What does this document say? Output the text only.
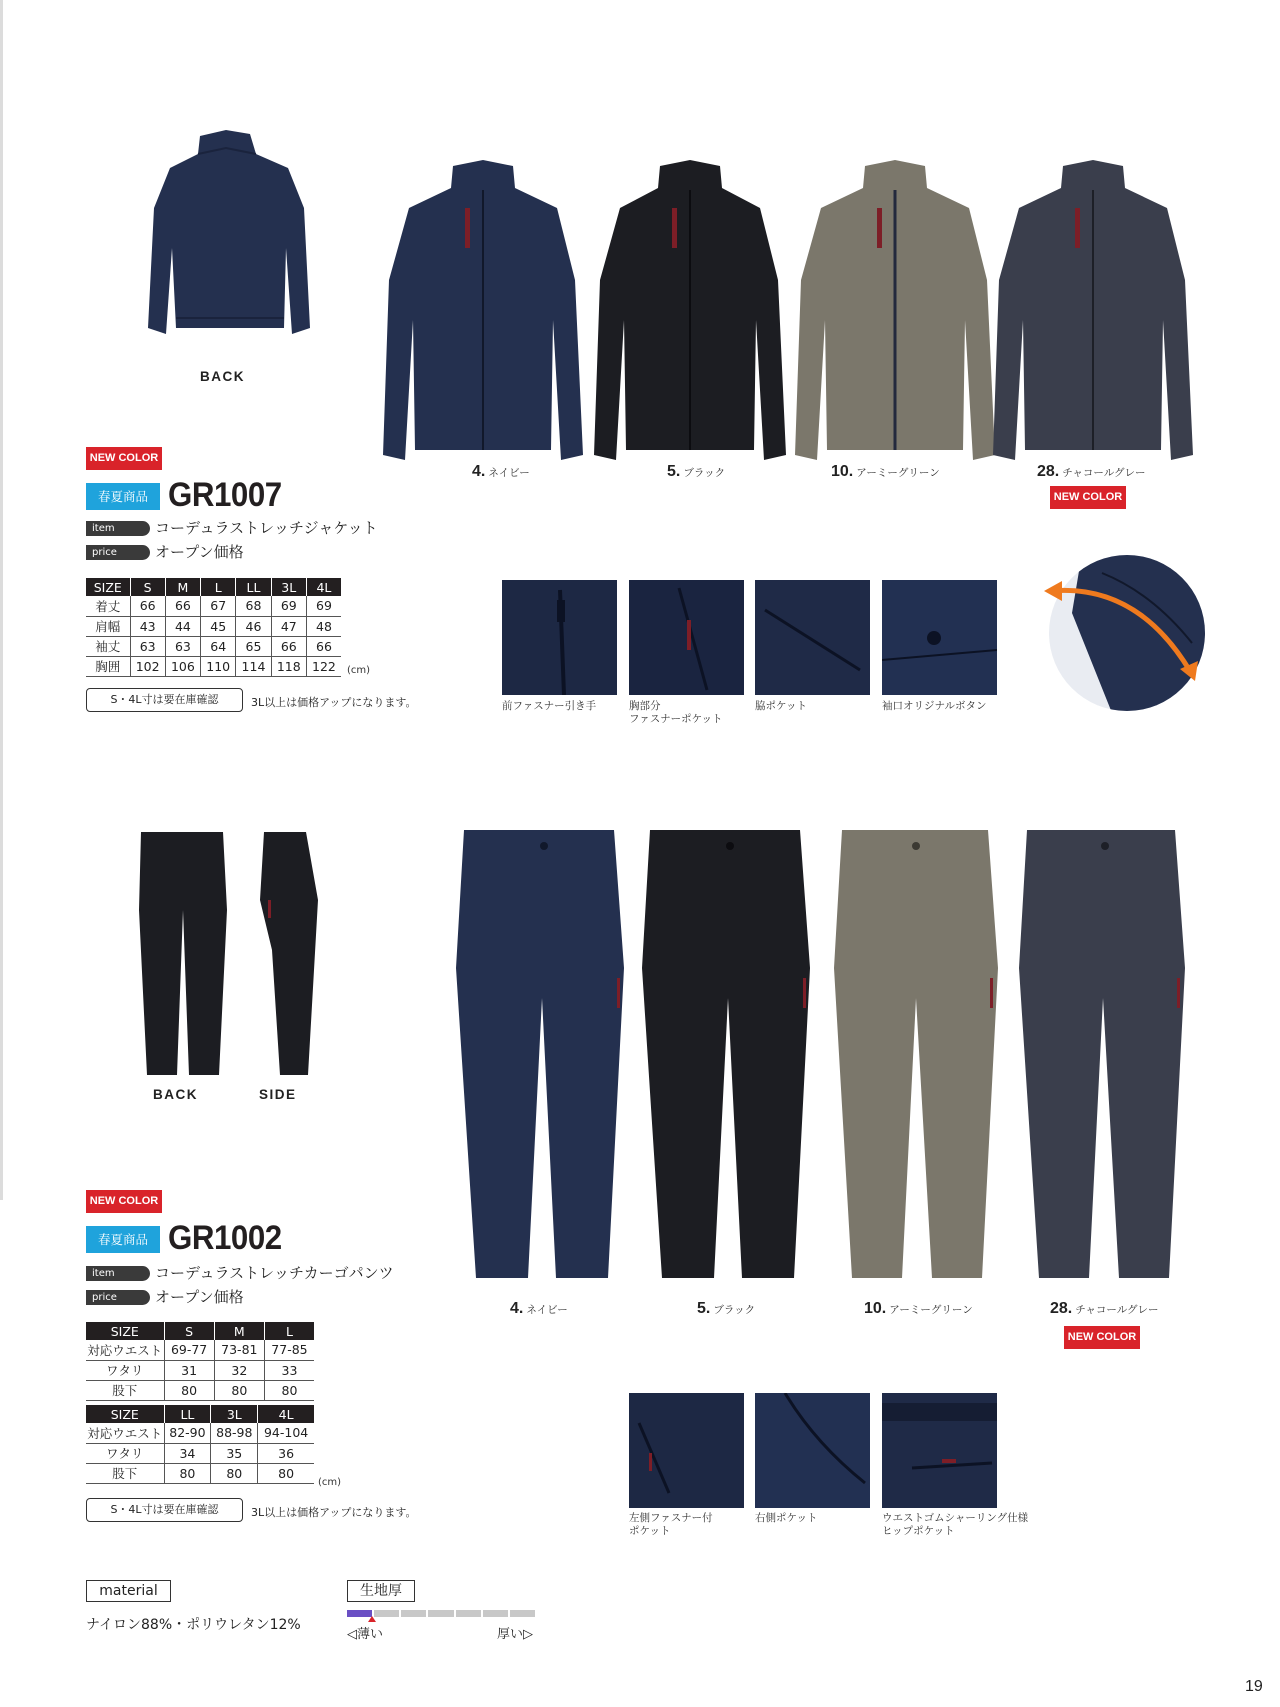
BACK
4. ネイビー	5. ブラック	10. アーミーグリーン	28. チャコールグレー
NEW COLOR
NEW COLOR
春夏商品 GR1007
item	コーデュラストレッチジャケット
price	オープン価格
SIZE	S	M	L	LL	3L	4L
着丈	66	66	67	68	69	69
肩幅	43	44	45	46	47	48
袖丈	63	63	64	65	66	66
胸囲	102	106	110	114	118	122 (cm)
S・4L寸は要在庫確認	3L以上は価格アップになります。	前ファスナー引き手	胸部分
ファスナーポケット
脇ポケット	袖口オリジナルボタン
BACK	SIDE
4. ネイビー	5. ブラック	10. アーミーグリーン	28. チャコールグレー
NEW COLOR
NEW COLOR
春夏商品 GR1002
item	コーデュラストレッチカーゴパンツ
price	オープン価格
SIZE	S	M	L
対応ウエスト	69-77	73-81	77-85
ワタリ	31	32	33
股下	80	80	80
SIZE	LL	3L	4L
対応ウエスト	82-90	88-98	94-104
ワタリ	34	35	36
股下	80	80	80
(cm)
S・4L寸は要在庫確認	3L以上は価格アップになります。	左側ファスナー付
ポケット
右側ポケット	ウエストゴムシャーリング仕様
ヒップポケット
material
ナイロン88%・ポリウレタン12%
生地厚
◁薄い	厚い▷
19
